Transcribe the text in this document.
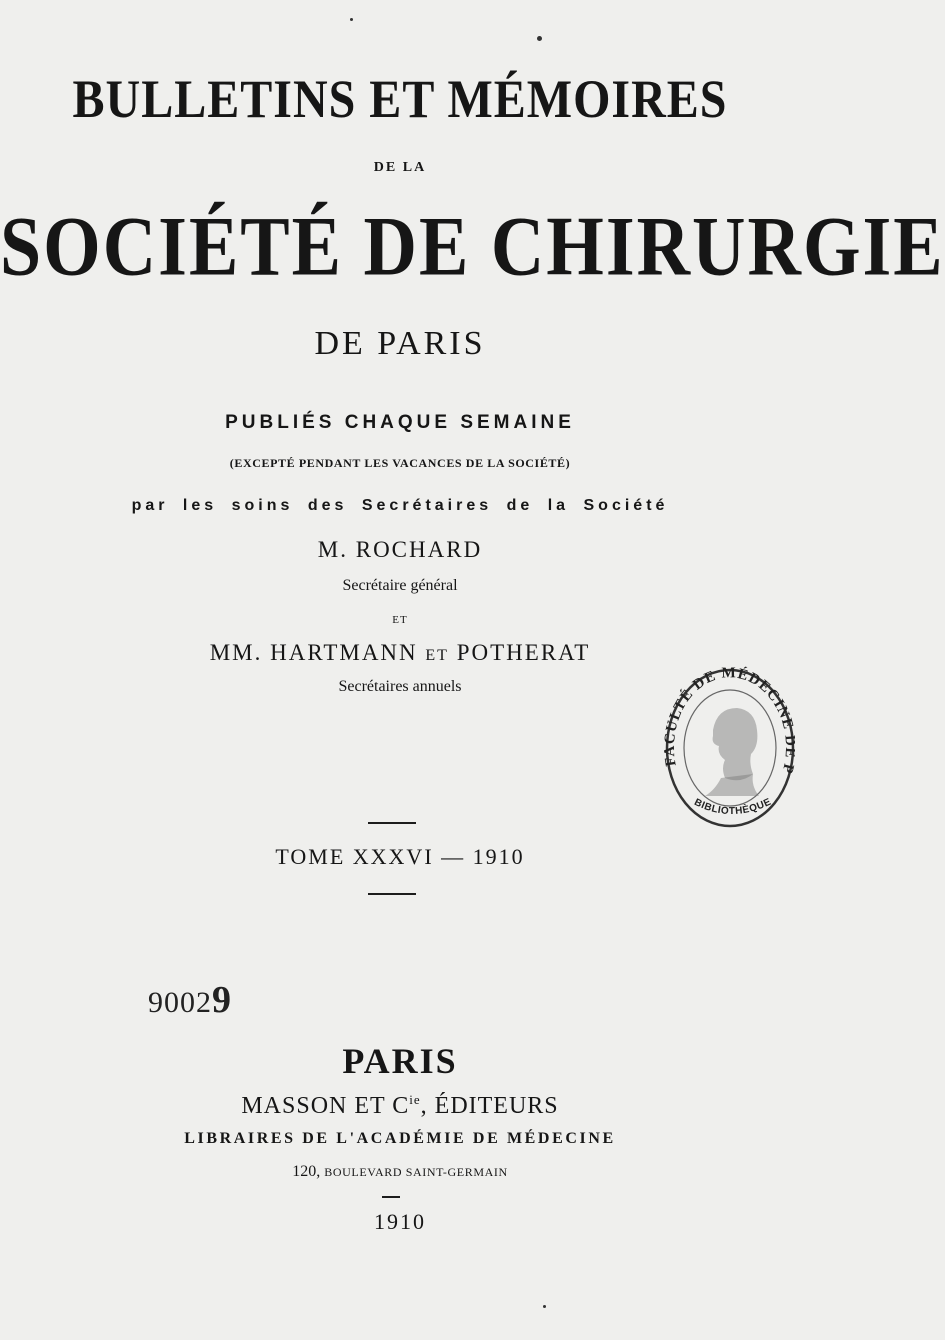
BULLETINS ET MÉMOIRES
DE LA
SOCIÉTÉ DE CHIRURGIE
DE PARIS
PUBLIÉS CHAQUE SEMAINE
(EXCEPTÉ PENDANT LES VACANCES DE LA SOCIÉTÉ)
par les soins des Secrétaires de la Société
M. ROCHARD
Secrétaire général
ET
MM. HARTMANN ET POTHERAT
Secrétaires annuels
TOME XXXVI — 1910
90029
FACULTÉ DE MÉDECINE P
BIBLIOTHÈQUE
PARIS
MASSON ET $C^{ie}$, ÉDITEURS
LIBRAIRES DE L'ACADÉMIE DE MÉDECINE
120, BOULEVARD SAINT-GERMAIN
1910
